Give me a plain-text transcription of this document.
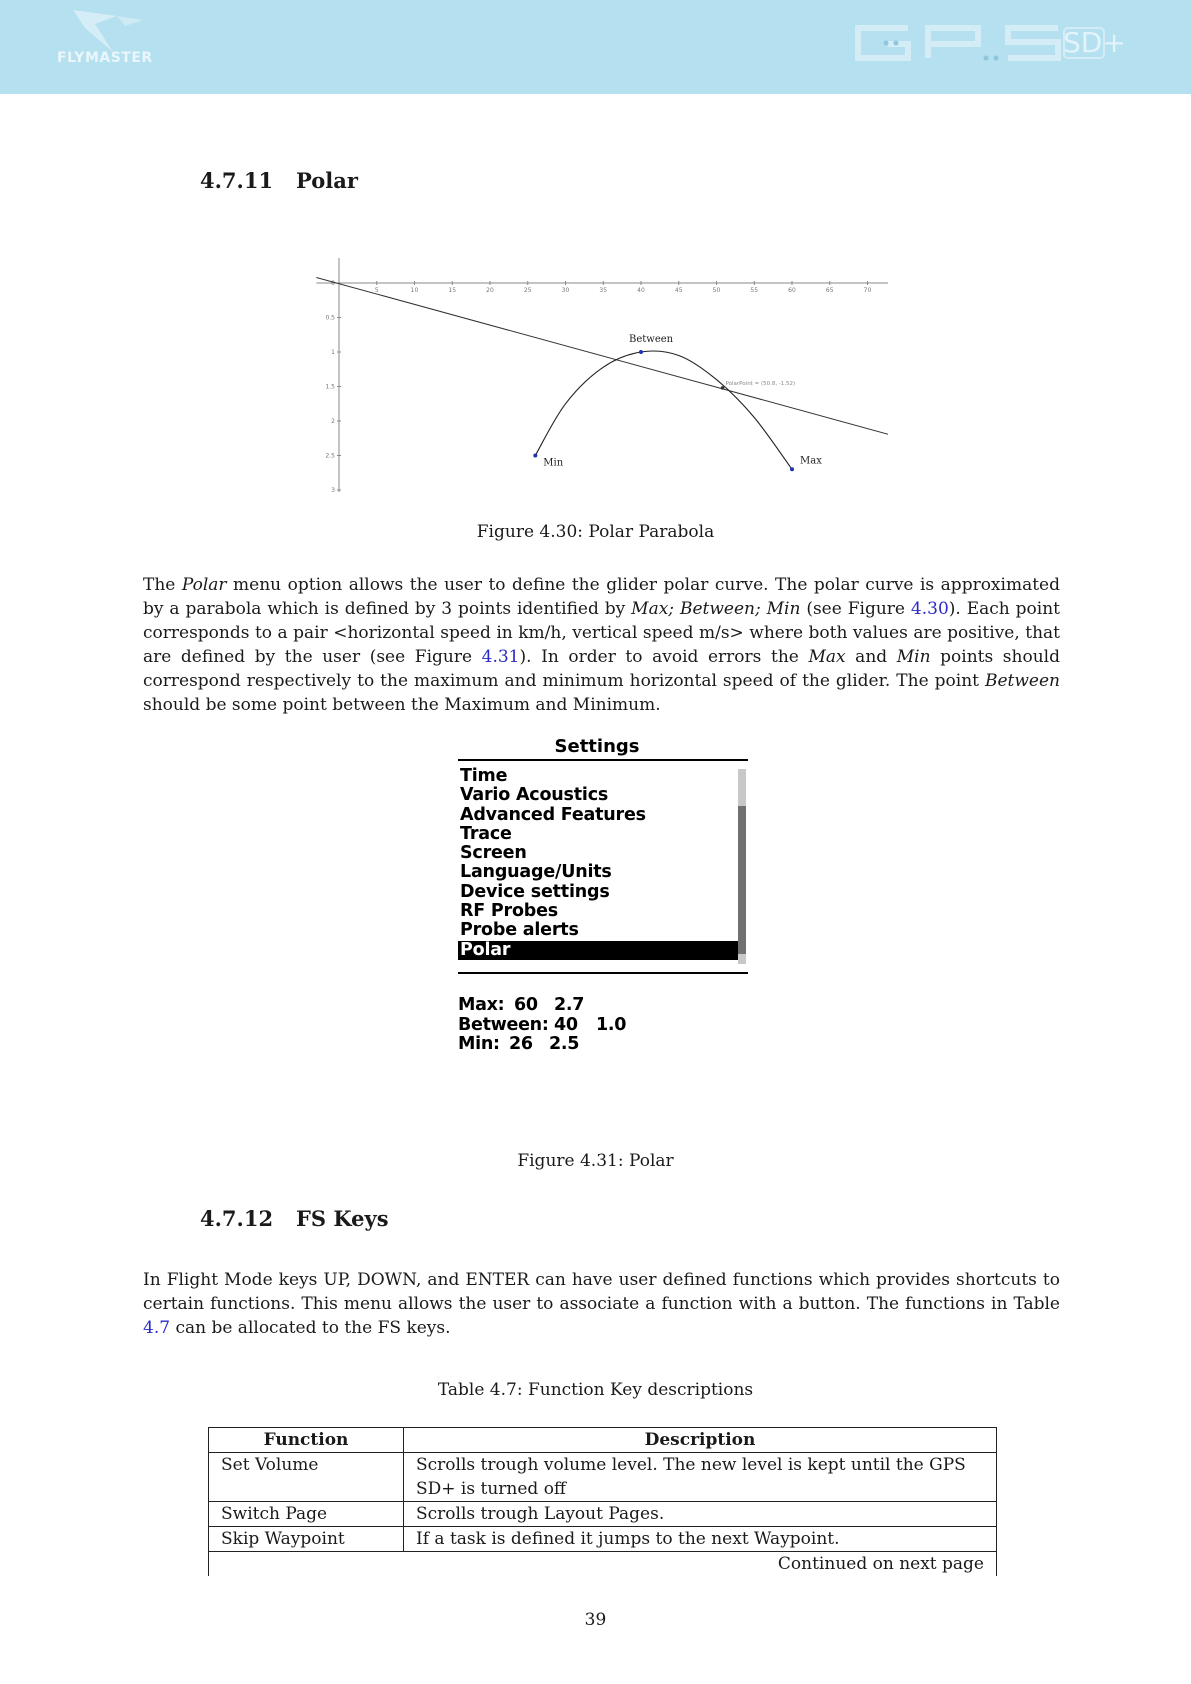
FLYMASTER	SD+
4.7.11 Polar
5	10	15	20	25	30	35	40	45	50	55	60	65	70
0
0.5
1
1.5
2
2.5
3
Min
Between
Max
PolarPoint = (50.8, -1.52)
Figure 4.30: Polar Parabola

The Polar menu option allows the user to define the glider polar curve. The polar curve is approximated by a parabola which is defined by 3 points identified by Max; Between; Min (see Figure 4.30). Each point corresponds to a pair <horizontal speed in km/h, vertical speed m/s> where both values are positive, that are defined by the user (see Figure 4.31). In order to avoid errors the Max and Min points should correspond respectively to the maximum and minimum horizontal speed of the glider. The point Between should be some point between the Maximum and Minimum.

Settings
Time
Vario Acoustics
Advanced Features
Trace
Screen
Language/Units
Device settings
RF Probes
Probe alerts
Polar
Max: 60 2.7
Between: 40 1.0
Min: 26 2.5
Figure 4.31: Polar
4.7.12 FS Keys

In Flight Mode keys UP, DOWN, and ENTER can have user defined functions which provides shortcuts to certain functions. This menu allows the user to associate a function with a button. The functions in Table 4.7 can be allocated to the FS keys.

Table 4.7: Function Key descriptions
Function	Description
Set Volume	Scrolls trough volume level. The new level is kept until the GPS SD+ is turned off
Switch Page	Scrolls trough Layout Pages.
Skip Waypoint	If a task is defined it jumps to the next Waypoint.
Continued on next page	
39
